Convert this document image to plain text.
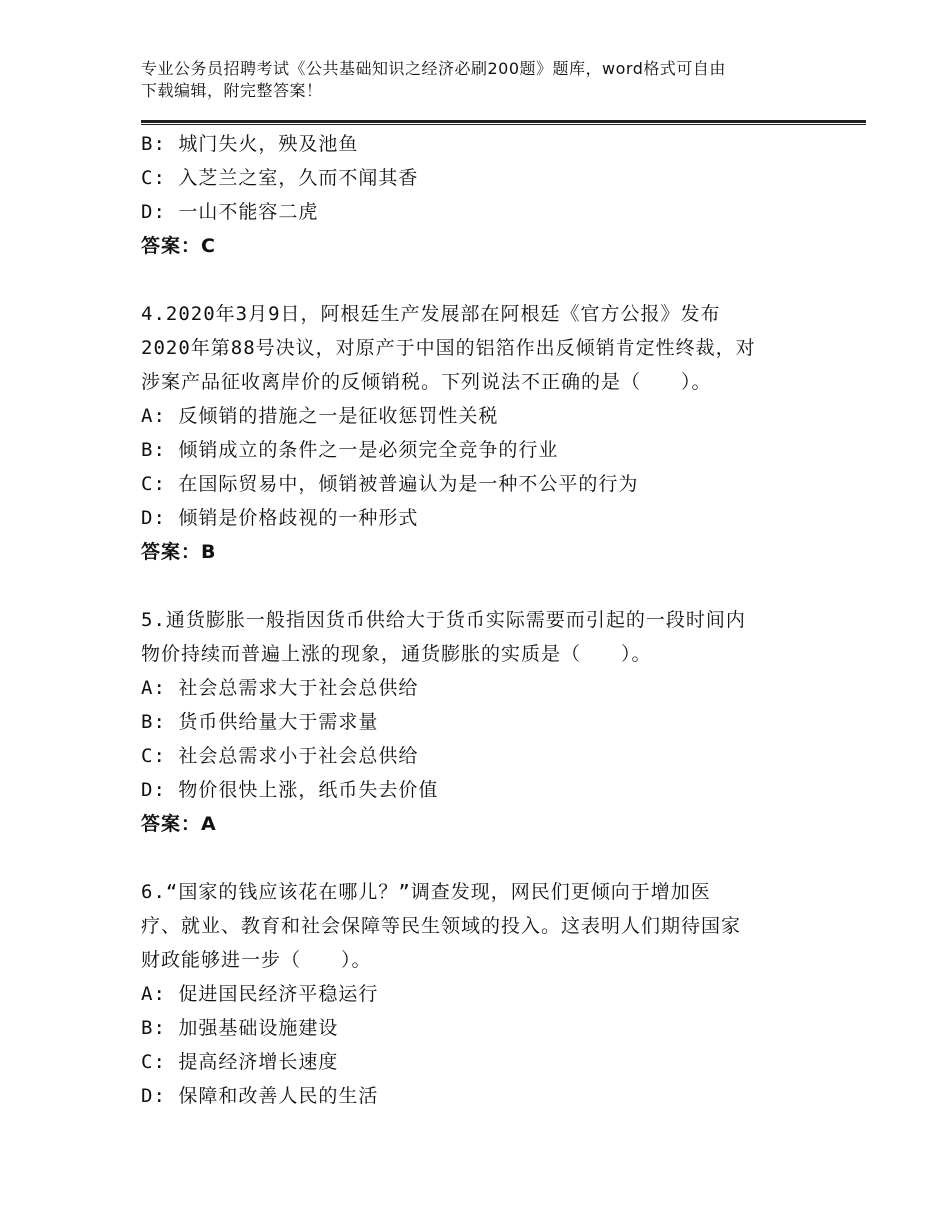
专业公务员招聘考试《公共基础知识之经济必刷200题》题库，word格式可自由
下载编辑，附完整答案！
B: 城门失火，殃及池鱼
C: 入芝兰之室，久而不闻其香
D: 一山不能容二虎
答案：C
4.2020年3月9日，阿根廷生产发展部在阿根廷《官方公报》发布
2020年第88号决议，对原产于中国的铝箔作出反倾销肯定性终裁，对
涉案产品征收离岸价的反倾销税。下列说法不正确的是（　　）。
A: 反倾销的措施之一是征收惩罚性关税
B: 倾销成立的条件之一是必须完全竞争的行业
C: 在国际贸易中，倾销被普遍认为是一种不公平的行为
D: 倾销是价格歧视的一种形式
答案：B
5.通货膨胀一般指因货币供给大于货币实际需要而引起的一段时间内
物价持续而普遍上涨的现象，通货膨胀的实质是（　　）。
A: 社会总需求大于社会总供给
B: 货币供给量大于需求量
C: 社会总需求小于社会总供给
D: 物价很快上涨，纸币失去价值
答案：A
6.“国家的钱应该花在哪儿？”调查发现，网民们更倾向于增加医
疗、就业、教育和社会保障等民生领域的投入。这表明人们期待国家
财政能够进一步（　　）。
A: 促进国民经济平稳运行
B: 加强基础设施建设
C: 提高经济增长速度
D: 保障和改善人民的生活
